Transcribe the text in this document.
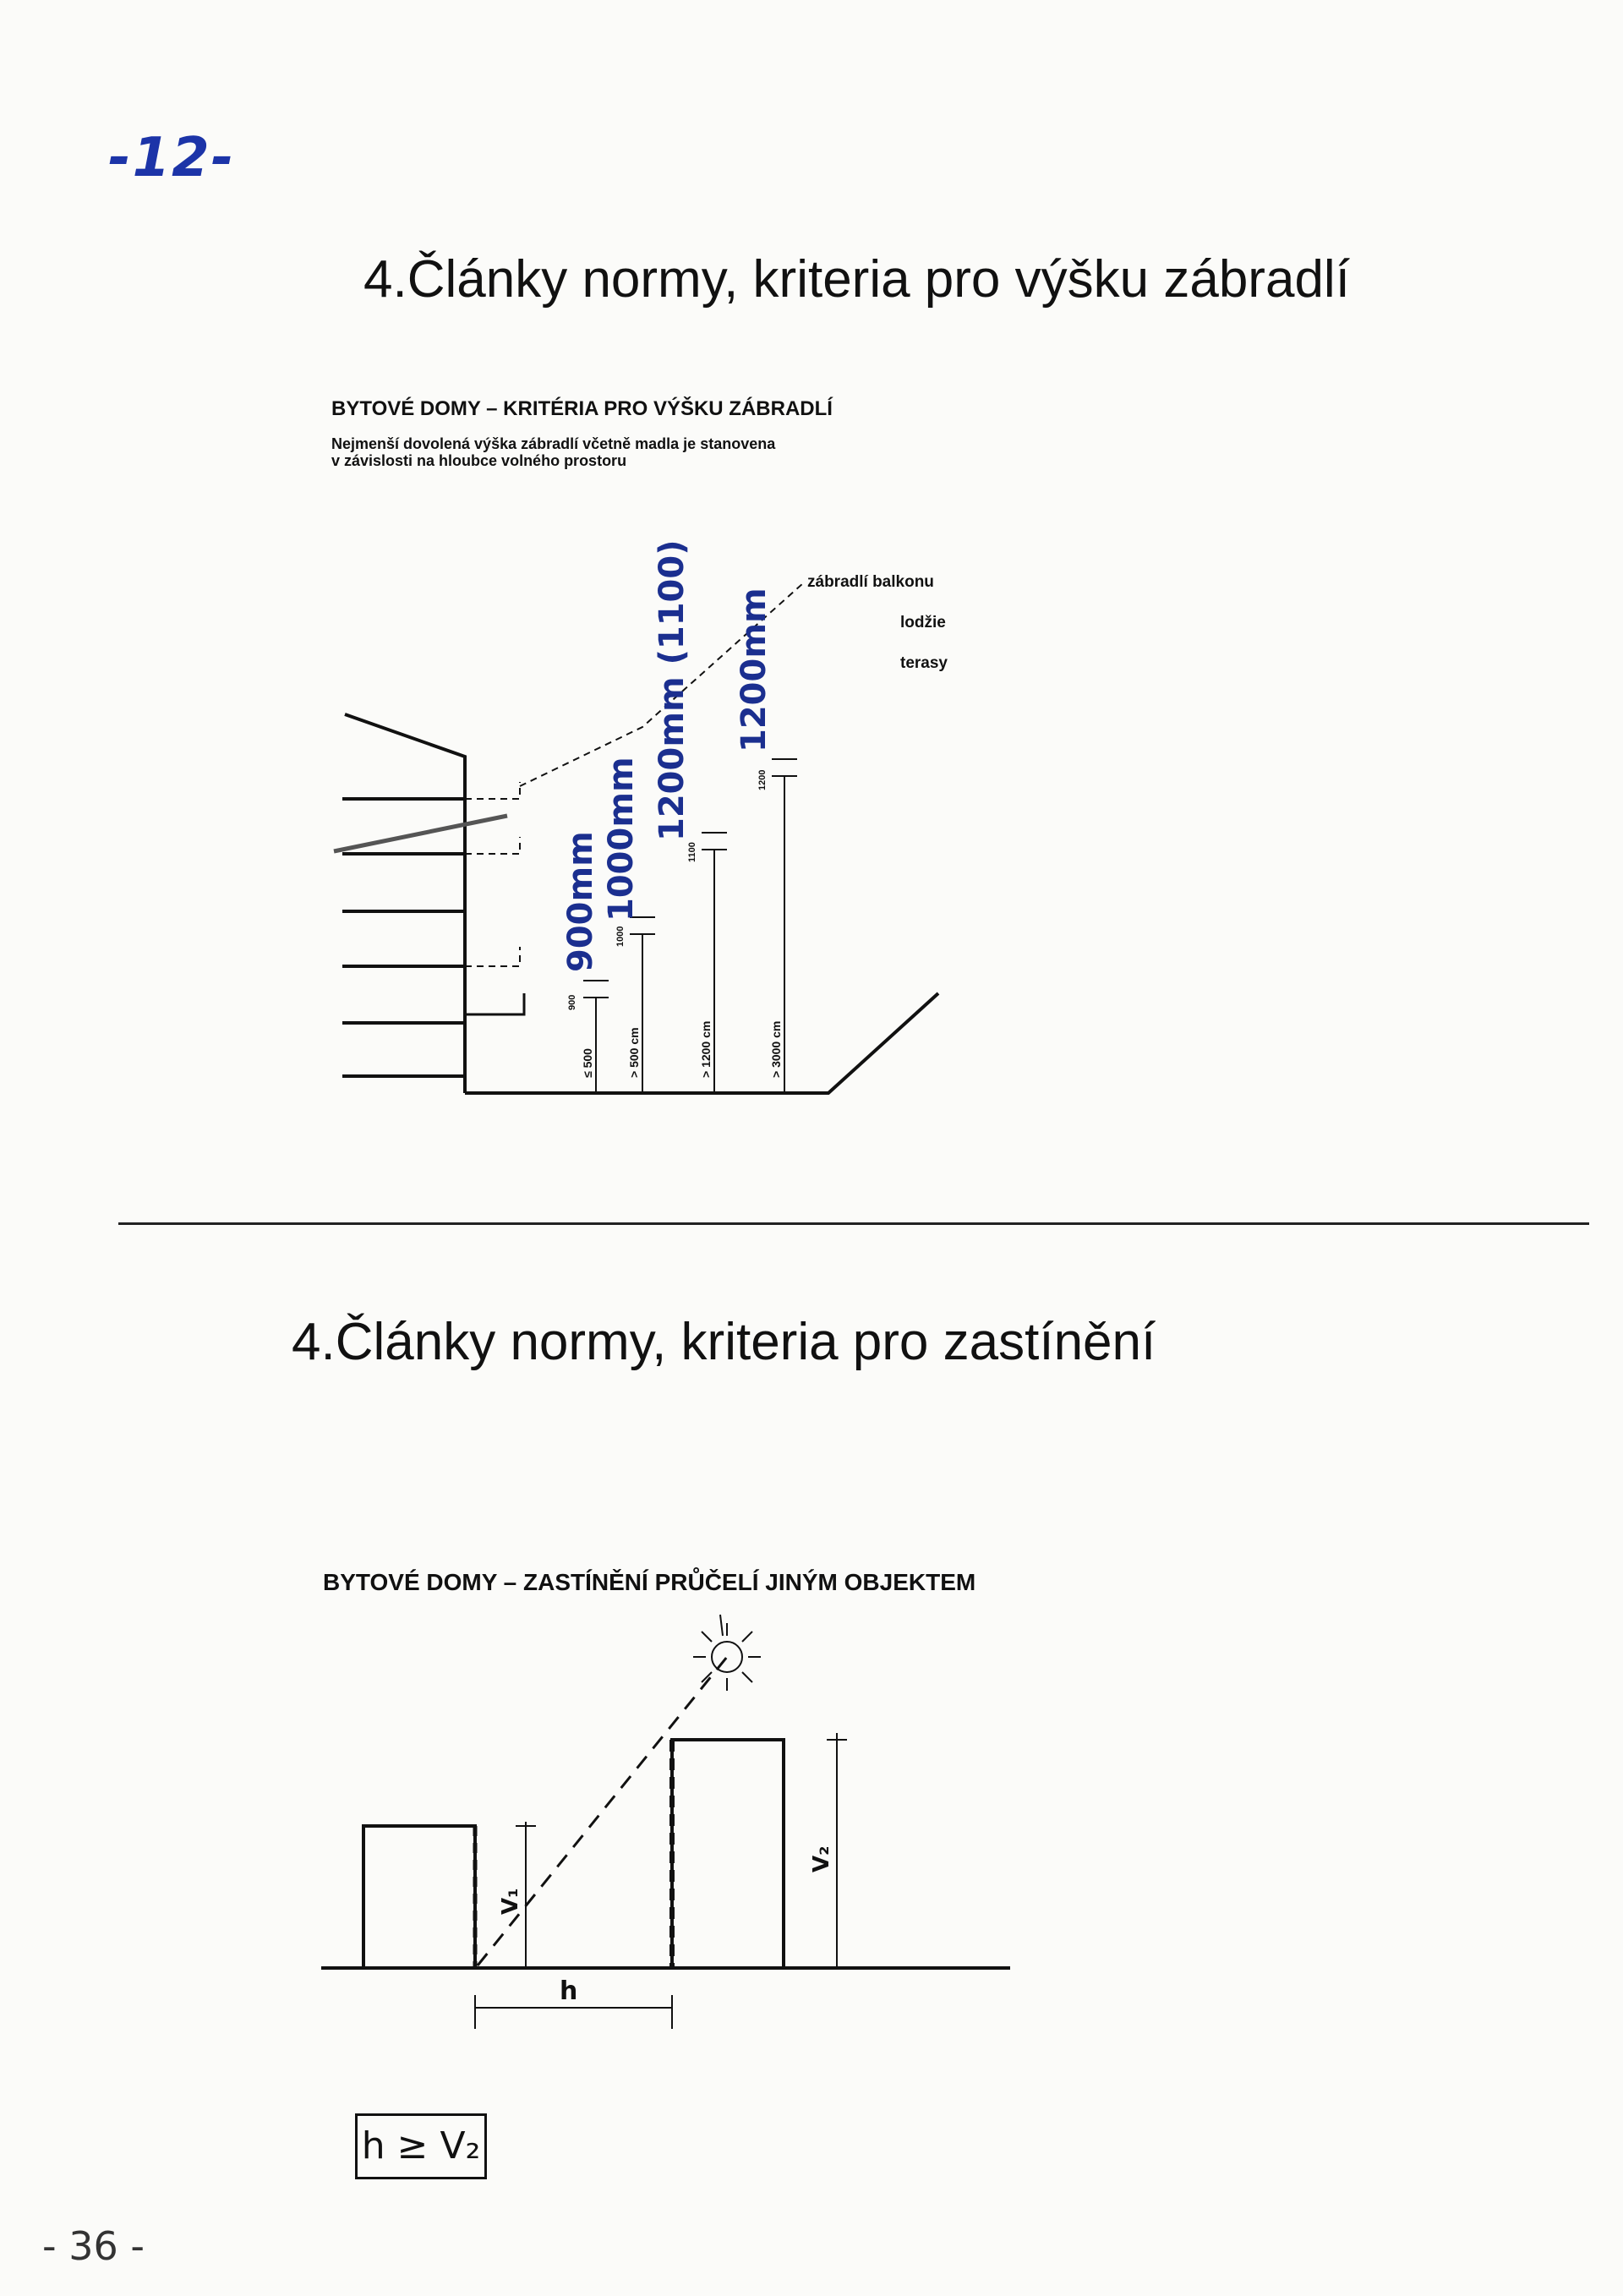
-12-
4.Články normy, kriteria pro výšku zábradlí
BYTOVÉ DOMY – KRITÉRIA PRO VÝŠKU ZÁBRADLÍ
Nejmenší dovolená výška zábradlí včetně madla je stanovena
v závislosti na hloubce volného prostoru
zábradlí balkonu
lodžie
terasy
≤ 500	> 500 cm	> 1200 cm	> 3000 cm
900
1000
1100
1200
900mm 1000mm 1200mm (1100) 1200mm
4.Články normy, kriteria pro zastínění
BYTOVÉ DOMY – ZASTÍNĚNÍ PRŮČELÍ JINÝM OBJEKTEM
V₁
V₂
h
h ≥ V₂
- 36 -
